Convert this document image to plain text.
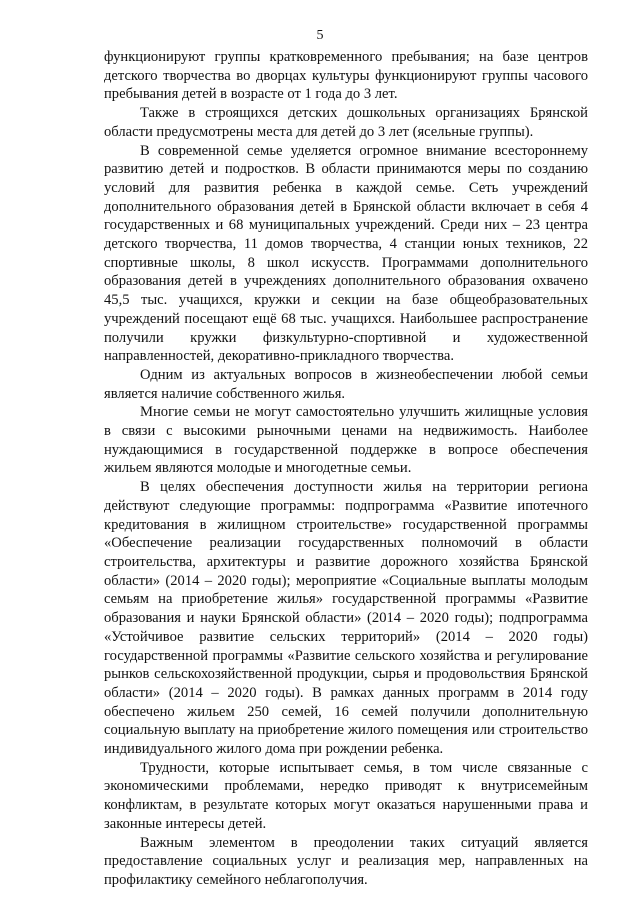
5

функционируют группы кратковременного пребывания; на базе центров детского творчества во дворцах культуры функционируют группы часового пребывания детей в возрасте от 1 года до 3 лет.

Также в строящихся детских дошкольных организациях Брянской области предусмотрены места для детей до 3 лет (ясельные группы).

В современной семье уделяется огромное внимание всестороннему развитию детей и подростков. В области принимаются меры по созданию условий для развития ребенка в каждой семье. Сеть учреждений дополнительного образования детей в Брянской области включает в себя 4 государственных и 68 муниципальных учреждений. Среди них – 23 центра детского творчества, 11 домов творчества, 4 станции юных техников, 22 спортивные школы, 8 школ искусств. Программами дополнительного образования детей в учреждениях дополнительного образования охвачено 45,5 тыс. учащихся, кружки и секции на базе общеобразовательных учреждений посещают ещё 68 тыс. учащихся. Наибольшее распространение получили кружки физкультурно-спортивной и художественной направленностей, декоративно-прикладного творчества.

Одним из актуальных вопросов в жизнеобеспечении любой семьи является наличие собственного жилья.

Многие семьи не могут самостоятельно улучшить жилищные условия в связи с высокими рыночными ценами на недвижимость. Наиболее нуждающимися в государственной поддержке в вопросе обеспечения жильем являются молодые и многодетные семьи.

В целях обеспечения доступности жилья на территории региона действуют следующие программы: подпрограмма «Развитие ипотечного кредитования в жилищном строительстве» государственной программы «Обеспечение реализации государственных полномочий в области строительства, архитектуры и развитие дорожного хозяйства Брянской области» (2014 – 2020 годы); мероприятие «Социальные выплаты молодым семьям на приобретение жилья» государственной программы «Развитие образования и науки Брянской области» (2014 – 2020 годы); подпрограмма «Устойчивое развитие сельских территорий» (2014 – 2020 годы) государственной программы «Развитие сельского хозяйства и регулирование рынков сельскохозяйственной продукции, сырья и продовольствия Брянской области» (2014 – 2020 годы). В рамках данных программ в 2014 году обеспечено жильем 250 семей, 16 семей получили дополнительную социальную выплату на приобретение жилого помещения или строительство индивидуального жилого дома при рождении ребенка.

Трудности, которые испытывает семья, в том числе связанные с экономическими проблемами, нередко приводят к внутрисемейным конфликтам, в результате которых могут оказаться нарушенными права и законные интересы детей.

Важным элементом в преодолении таких ситуаций является предоставление социальных услуг и реализация мер, направленных на профилактику семейного неблагополучия.
